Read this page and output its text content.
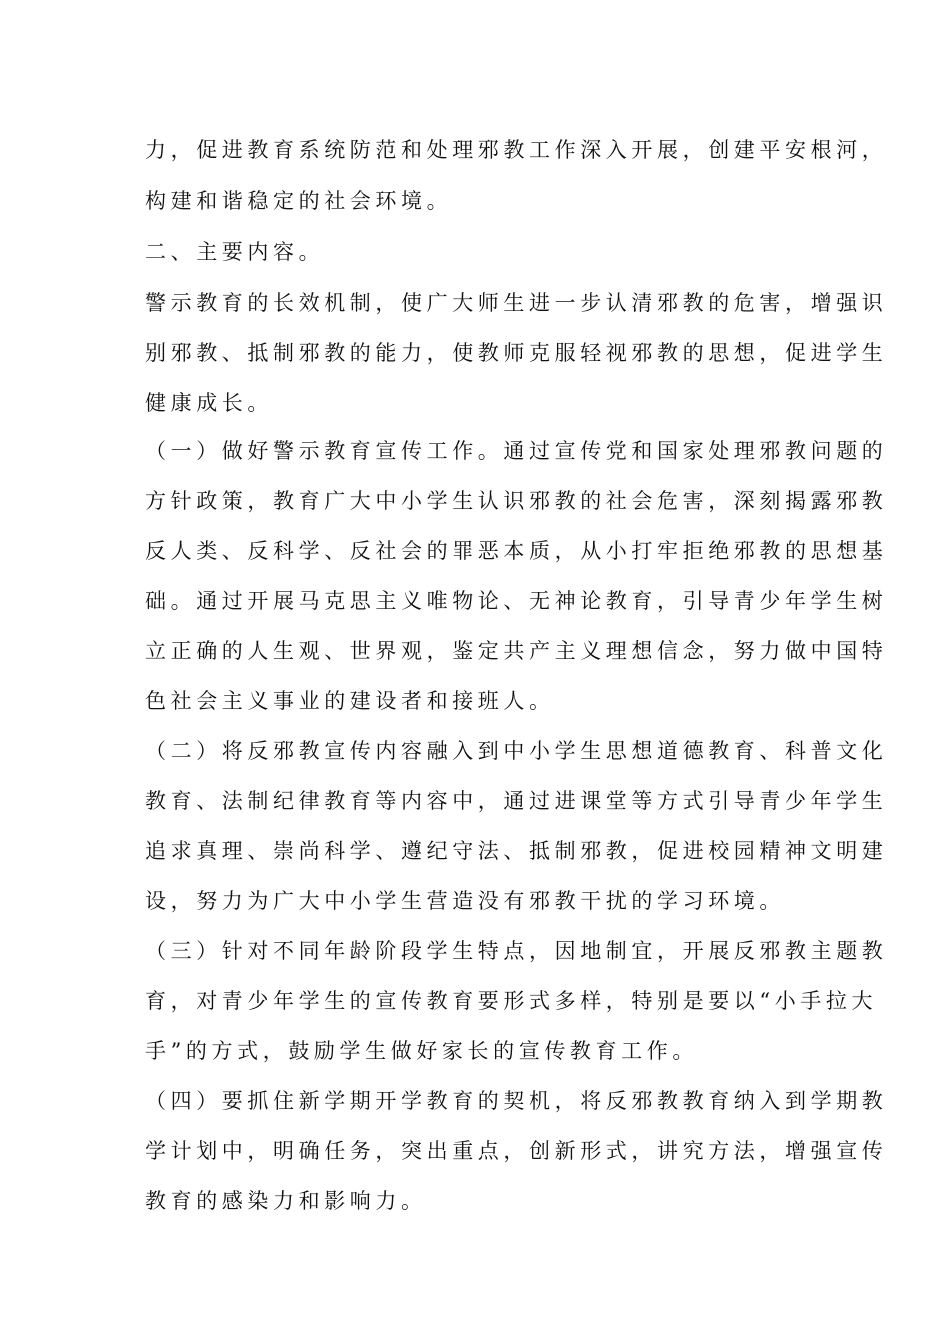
力，促进教育系统防范和处理邪教工作深入开展，创建平安根河，
构建和谐稳定的社会环境。
二、主要内容。
警示教育的长效机制，使广大师生进一步认清邪教的危害，增强识
别邪教、抵制邪教的能力，使教师克服轻视邪教的思想，促进学生
健康成长。
（一）做好警示教育宣传工作。通过宣传党和国家处理邪教问题的
方针政策，教育广大中小学生认识邪教的社会危害，深刻揭露邪教
反人类、反科学、反社会的罪恶本质，从小打牢拒绝邪教的思想基
础。通过开展马克思主义唯物论、无神论教育，引导青少年学生树
立正确的人生观、世界观，鉴定共产主义理想信念，努力做中国特
色社会主义事业的建设者和接班人。
（二）将反邪教宣传内容融入到中小学生思想道德教育、科普文化
教育、法制纪律教育等内容中，通过进课堂等方式引导青少年学生
追求真理、崇尚科学、遵纪守法、抵制邪教，促进校园精神文明建
设，努力为广大中小学生营造没有邪教干扰的学习环境。
（三）针对不同年龄阶段学生特点，因地制宜，开展反邪教主题教
育，对青少年学生的宣传教育要形式多样，特别是要以“小手拉大
手”的方式，鼓励学生做好家长的宣传教育工作。
（四）要抓住新学期开学教育的契机，将反邪教教育纳入到学期教
学计划中，明确任务，突出重点，创新形式，讲究方法，增强宣传
教育的感染力和影响力。
